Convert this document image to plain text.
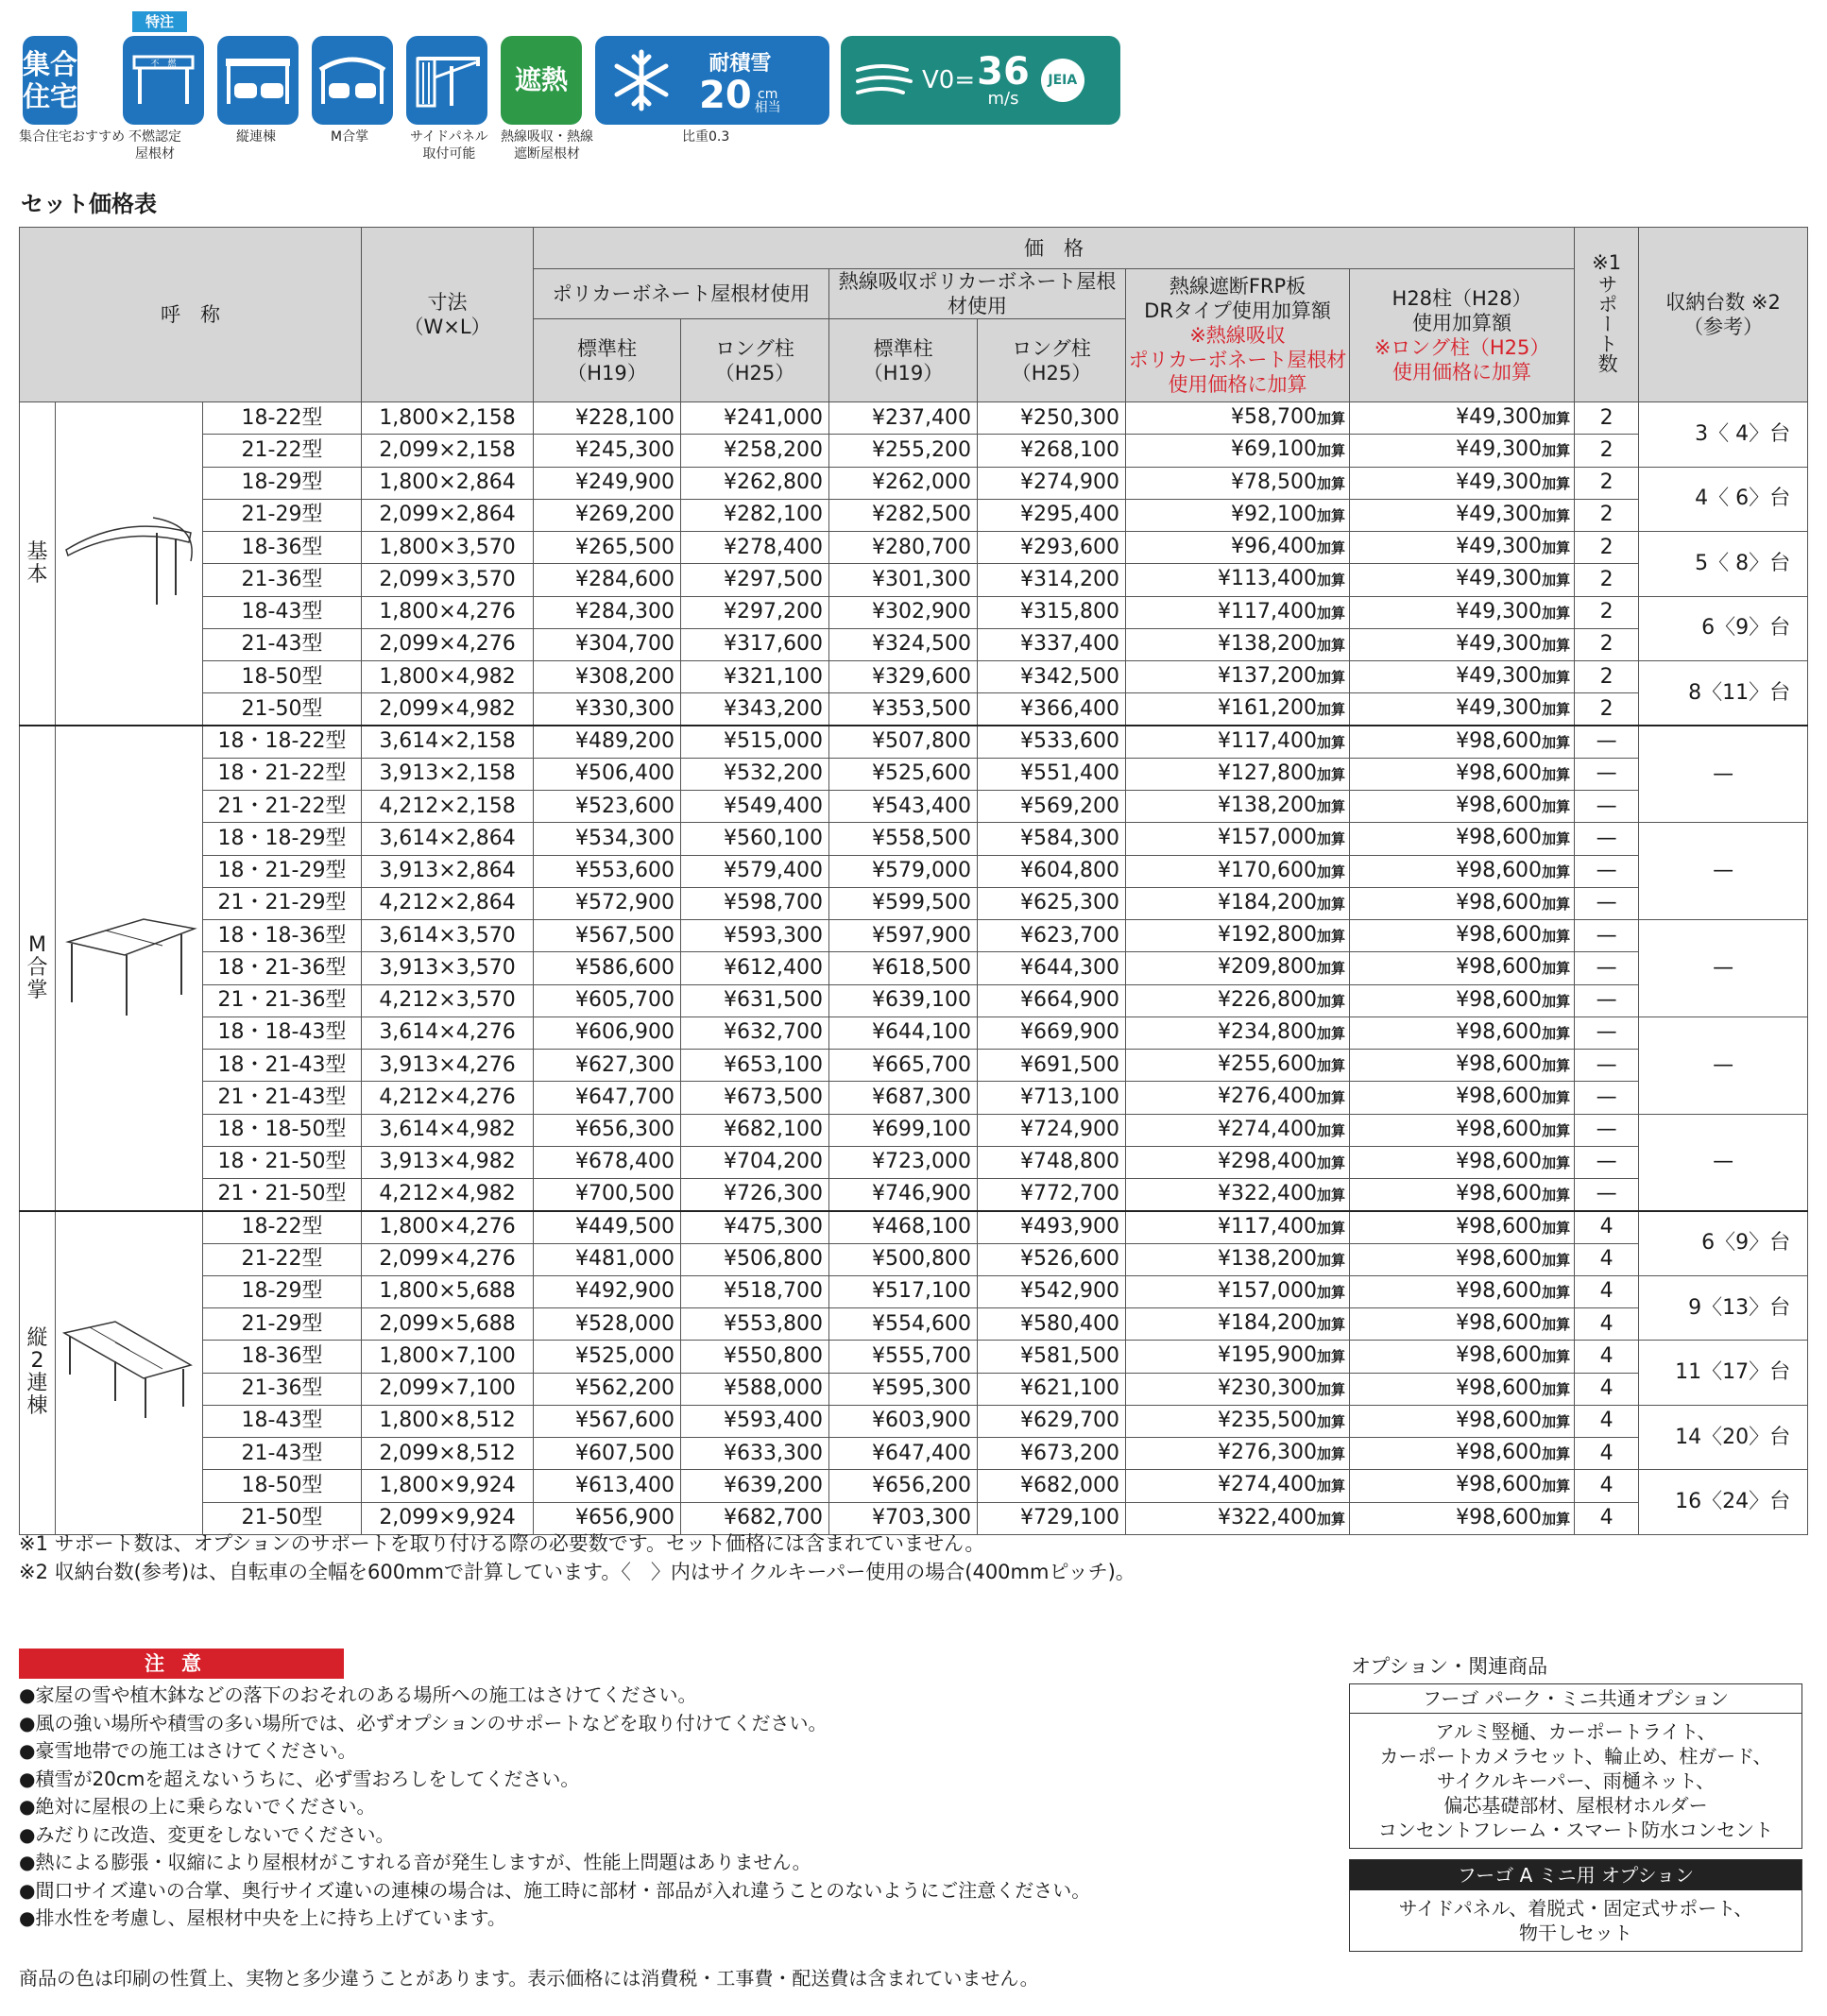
集合
住宅
集合住宅おすすめ
特注
不　燃
不燃認定
屋根材
縦連棟	M合掌	サイドパネル
取付可能
遮熱
熱線吸収・熱線
遮断屋根材
耐積雪
20 cm
相当
比重0.3
V0= 36
m/s
JEIA
セット価格表
呼　称			寸法
（W×L）	価　格						※1
サポート数	収納台数 ※2
（参考）
				ポリカーボネート屋根材使用		熱線吸収ポリカーボネート屋根材使用		熱線遮断FRP板
DRタイプ使用加算額
※熱線吸収
ポリカーボネート屋根材
使用価格に加算	H28柱（H28）
使用加算額
※ロング柱（H25）
使用価格に加算		
				標準柱
（H19）	ロング柱
（H25）	標準柱
（H19）	ロング柱
（H25）				
基
本		18-22型	1,800×2,158	¥228,100	¥241,000	¥237,400	¥250,300	¥58,700加算	¥49,300加算	2	3〈 4〉台
		21-22型	2,099×2,158	¥245,300	¥258,200	¥255,200	¥268,100	¥69,100加算	¥49,300加算	2	
		18-29型	1,800×2,864	¥249,900	¥262,800	¥262,000	¥274,900	¥78,500加算	¥49,300加算	2	4〈 6〉台
		21-29型	2,099×2,864	¥269,200	¥282,100	¥282,500	¥295,400	¥92,100加算	¥49,300加算	2	
		18-36型	1,800×3,570	¥265,500	¥278,400	¥280,700	¥293,600	¥96,400加算	¥49,300加算	2	5〈 8〉台
		21-36型	2,099×3,570	¥284,600	¥297,500	¥301,300	¥314,200	¥113,400加算	¥49,300加算	2	
		18-43型	1,800×4,276	¥284,300	¥297,200	¥302,900	¥315,800	¥117,400加算	¥49,300加算	2	6〈9〉台
		21-43型	2,099×4,276	¥304,700	¥317,600	¥324,500	¥337,400	¥138,200加算	¥49,300加算	2	
		18-50型	1,800×4,982	¥308,200	¥321,100	¥329,600	¥342,500	¥137,200加算	¥49,300加算	2	8〈11〉台
		21-50型	2,099×4,982	¥330,300	¥343,200	¥353,500	¥366,400	¥161,200加算	¥49,300加算	2	
M
合
掌		18・18-22型	3,614×2,158	¥489,200	¥515,000	¥507,800	¥533,600	¥117,400加算	¥98,600加算	—	—
		18・21-22型	3,913×2,158	¥506,400	¥532,200	¥525,600	¥551,400	¥127,800加算	¥98,600加算	—	
		21・21-22型	4,212×2,158	¥523,600	¥549,400	¥543,400	¥569,200	¥138,200加算	¥98,600加算	—	
		18・18-29型	3,614×2,864	¥534,300	¥560,100	¥558,500	¥584,300	¥157,000加算	¥98,600加算	—	—
		18・21-29型	3,913×2,864	¥553,600	¥579,400	¥579,000	¥604,800	¥170,600加算	¥98,600加算	—	
		21・21-29型	4,212×2,864	¥572,900	¥598,700	¥599,500	¥625,300	¥184,200加算	¥98,600加算	—	
		18・18-36型	3,614×3,570	¥567,500	¥593,300	¥597,900	¥623,700	¥192,800加算	¥98,600加算	—	—
		18・21-36型	3,913×3,570	¥586,600	¥612,400	¥618,500	¥644,300	¥209,800加算	¥98,600加算	—	
		21・21-36型	4,212×3,570	¥605,700	¥631,500	¥639,100	¥664,900	¥226,800加算	¥98,600加算	—	
		18・18-43型	3,614×4,276	¥606,900	¥632,700	¥644,100	¥669,900	¥234,800加算	¥98,600加算	—	—
		18・21-43型	3,913×4,276	¥627,300	¥653,100	¥665,700	¥691,500	¥255,600加算	¥98,600加算	—	
		21・21-43型	4,212×4,276	¥647,700	¥673,500	¥687,300	¥713,100	¥276,400加算	¥98,600加算	—	
		18・18-50型	3,614×4,982	¥656,300	¥682,100	¥699,100	¥724,900	¥274,400加算	¥98,600加算	—	—
		18・21-50型	3,913×4,982	¥678,400	¥704,200	¥723,000	¥748,800	¥298,400加算	¥98,600加算	—	
		21・21-50型	4,212×4,982	¥700,500	¥726,300	¥746,900	¥772,700	¥322,400加算	¥98,600加算	—	
縦
2
連
棟		18-22型	1,800×4,276	¥449,500	¥475,300	¥468,100	¥493,900	¥117,400加算	¥98,600加算	4	6〈9〉台
		21-22型	2,099×4,276	¥481,000	¥506,800	¥500,800	¥526,600	¥138,200加算	¥98,600加算	4	
		18-29型	1,800×5,688	¥492,900	¥518,700	¥517,100	¥542,900	¥157,000加算	¥98,600加算	4	9〈13〉台
		21-29型	2,099×5,688	¥528,000	¥553,800	¥554,600	¥580,400	¥184,200加算	¥98,600加算	4	
		18-36型	1,800×7,100	¥525,000	¥550,800	¥555,700	¥581,500	¥195,900加算	¥98,600加算	4	11〈17〉台
		21-36型	2,099×7,100	¥562,200	¥588,000	¥595,300	¥621,100	¥230,300加算	¥98,600加算	4	
		18-43型	1,800×8,512	¥567,600	¥593,400	¥603,900	¥629,700	¥235,500加算	¥98,600加算	4	14〈20〉台
		21-43型	2,099×8,512	¥607,500	¥633,300	¥647,400	¥673,200	¥276,300加算	¥98,600加算	4	
		18-50型	1,800×9,924	¥613,400	¥639,200	¥656,200	¥682,000	¥274,400加算	¥98,600加算	4	16〈24〉台
		21-50型	2,099×9,924	¥656,900	¥682,700	¥703,300	¥729,100	¥322,400加算	¥98,600加算	4	
※1 サポート数は、オプションのサポートを取り付ける際の必要数です。セット価格には含まれていません。
※2 収納台数(参考)は、自転車の全幅を600mmで計算しています。〈　〉内はサイクルキーパー使用の場合(400mmピッチ)。
注意
●家屋の雪や植木鉢などの落下のおそれのある場所への施工はさけてください。
●風の強い場所や積雪の多い場所では、必ずオプションのサポートなどを取り付けてください。
●豪雪地帯での施工はさけてください。
●積雪が20cmを超えないうちに、必ず雪おろしをしてください。
●絶対に屋根の上に乗らないでください。
●みだりに改造、変更をしないでください。
●熱による膨張・収縮により屋根材がこすれる音が発生しますが、性能上問題はありません。
●間口サイズ違いの合掌、奥行サイズ違いの連棟の場合は、施工時に部材・部品が入れ違うことのないようにご注意ください。
●排水性を考慮し、屋根材中央を上に持ち上げています。
オプション・関連商品
フーゴ パーク・ミニ共通オプション
アルミ竪樋、カーポートライト、
カーポートカメラセット、輪止め、柱ガード、
サイクルキーパー、雨樋ネット、
偏芯基礎部材、屋根材ホルダー
コンセントフレーム・スマート防水コンセント
フーゴ A ミニ用 オプション
サイドパネル、着脱式・固定式サポート、
物干しセット
商品の色は印刷の性質上、実物と多少違うことがあります。表示価格には消費税・工事費・配送費は含まれていません。
